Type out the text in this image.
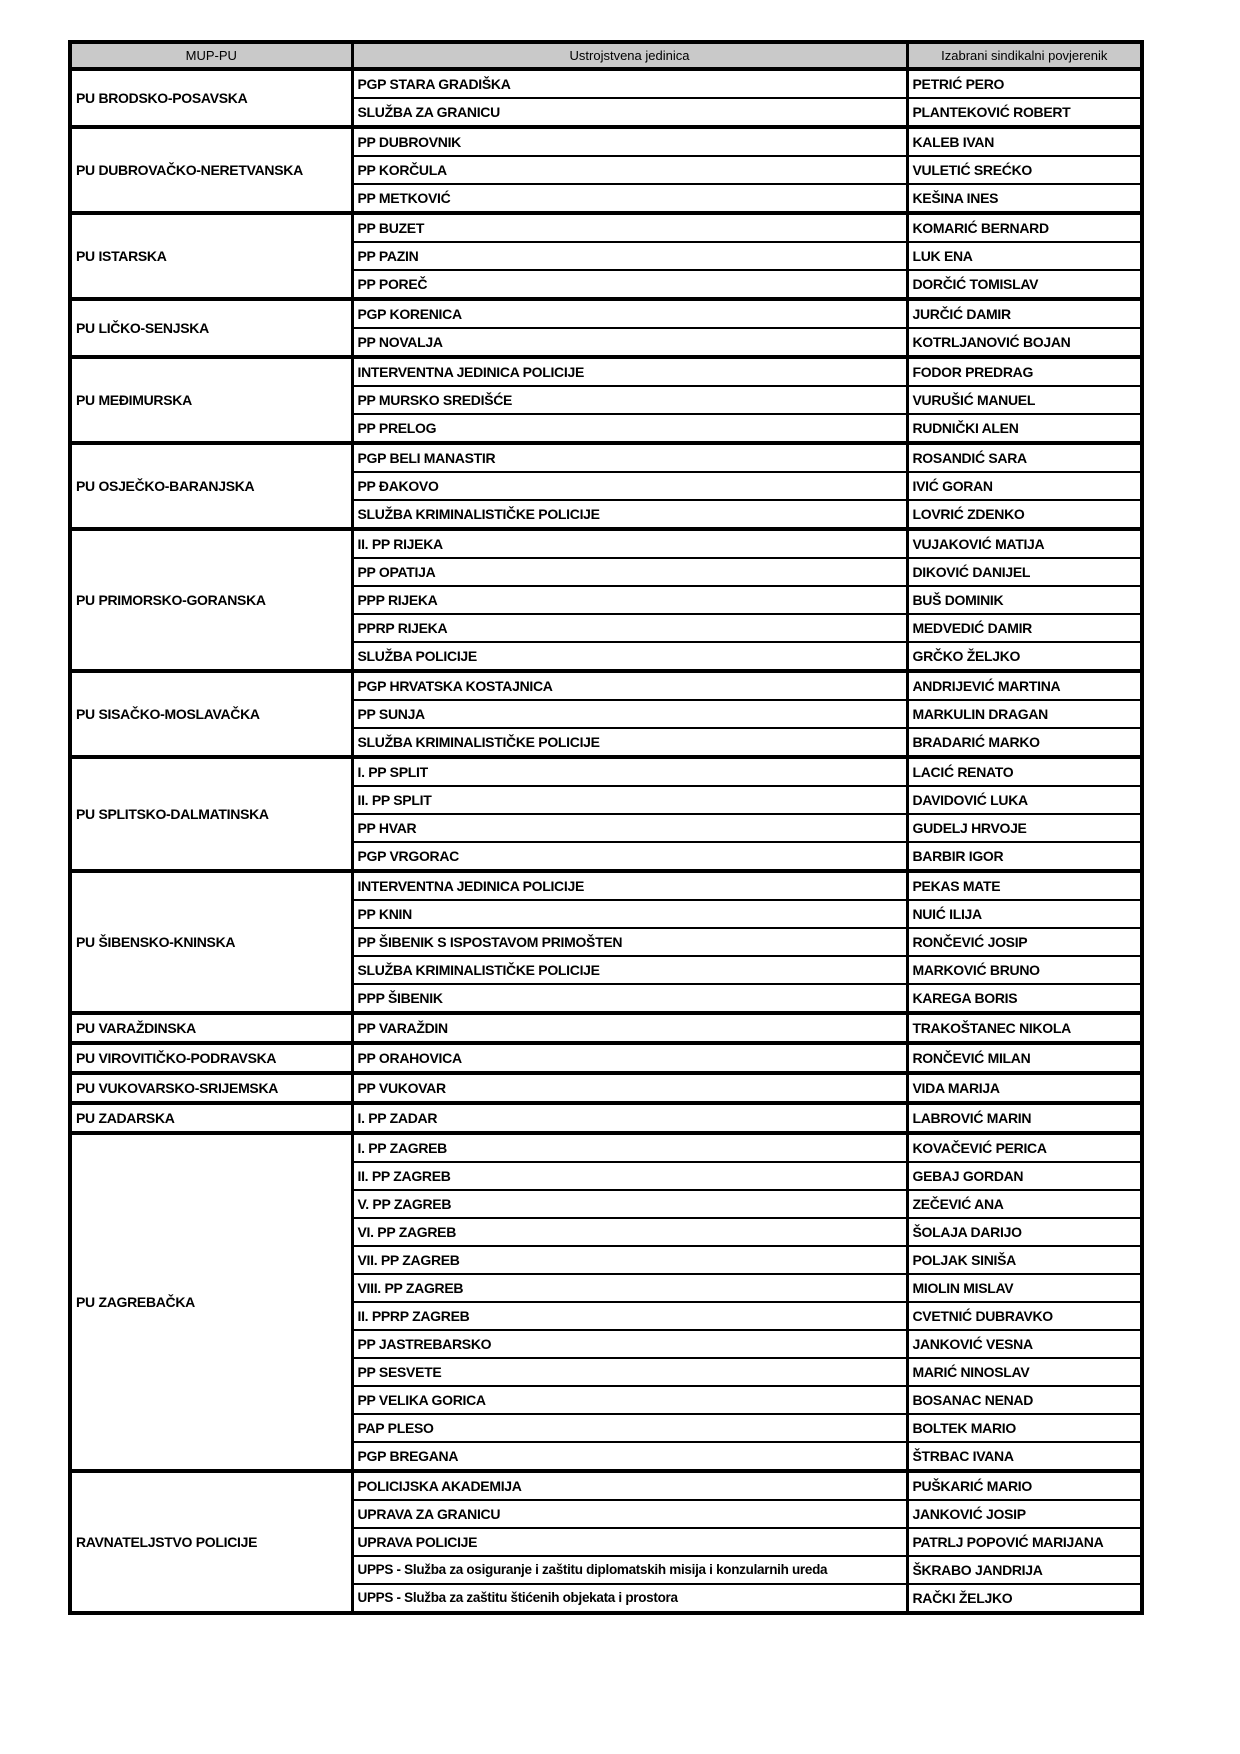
MUP-PU	Ustrojstvena jedinica	Izabrani sindikalni povjerenik
PU BRODSKO-POSAVSKA	PGP STARA GRADIŠKA	PETRIĆ PERO
	SLUŽBA ZA GRANICU	PLANTEKOVIĆ ROBERT
PU DUBROVAČKO-NERETVANSKA	PP DUBROVNIK	KALEB IVAN
	PP KORČULA	VULETIĆ SREĆKO
	PP METKOVIĆ	KEŠINA INES
PU ISTARSKA	PP BUZET	KOMARIĆ BERNARD
	PP PAZIN	LUK ENA
	PP POREČ	DORČIĆ TOMISLAV
PU LIČKO-SENJSKA	PGP KORENICA	JURČIĆ DAMIR
	PP NOVALJA	KOTRLJANOVIĆ BOJAN
PU MEĐIMURSKA	INTERVENTNA JEDINICA POLICIJE	FODOR PREDRAG
	PP MURSKO SREDIŠĆE	VURUŠIĆ MANUEL
	PP PRELOG	RUDNIČKI ALEN
PU OSJEČKO-BARANJSKA	PGP BELI MANASTIR	ROSANDIĆ SARA
	PP ĐAKOVO	IVIĆ GORAN
	SLUŽBA KRIMINALISTIČKE POLICIJE	LOVRIĆ ZDENKO
PU PRIMORSKO-GORANSKA	II. PP RIJEKA	VUJAKOVIĆ MATIJA
	PP OPATIJA	DIKOVIĆ DANIJEL
	PPP RIJEKA	BUŠ DOMINIK
	PPRP RIJEKA	MEDVEDIĆ DAMIR
	SLUŽBA POLICIJE	GRČKO ŽELJKO
PU SISAČKO-MOSLAVAČKA	PGP HRVATSKA KOSTAJNICA	ANDRIJEVIĆ MARTINA
	PP SUNJA	MARKULIN DRAGAN
	SLUŽBA KRIMINALISTIČKE POLICIJE	BRADARIĆ MARKO
PU SPLITSKO-DALMATINSKA	I. PP SPLIT	LACIĆ RENATO
	II. PP SPLIT	DAVIDOVIĆ LUKA
	PP HVAR	GUDELJ HRVOJE
	PGP VRGORAC	BARBIR IGOR
PU ŠIBENSKO-KNINSKA	INTERVENTNA JEDINICA POLICIJE	PEKAS MATE
	PP KNIN	NUIĆ ILIJA
	PP ŠIBENIK S ISPOSTAVOM PRIMOŠTEN	RONČEVIĆ JOSIP
	SLUŽBA KRIMINALISTIČKE POLICIJE	MARKOVIĆ BRUNO
	PPP ŠIBENIK	KAREGA BORIS
PU VARAŽDINSKA	PP VARAŽDIN	TRAKOŠTANEC NIKOLA
PU VIROVITIČKO-PODRAVSKA	PP ORAHOVICA	RONČEVIĆ MILAN
PU VUKOVARSKO-SRIJEMSKA	PP VUKOVAR	VIDA MARIJA
PU ZADARSKA	I. PP ZADAR	LABROVIĆ MARIN
PU ZAGREBAČKA	I. PP ZAGREB	KOVAČEVIĆ PERICA
	II. PP ZAGREB	GEBAJ GORDAN
	V. PP ZAGREB	ZEČEVIĆ ANA
	VI. PP ZAGREB	ŠOLAJA DARIJO
	VII. PP ZAGREB	POLJAK SINIŠA
	VIII. PP ZAGREB	MIOLIN MISLAV
	II. PPRP ZAGREB	CVETNIĆ DUBRAVKO
	PP JASTREBARSKO	JANKOVIĆ VESNA
	PP SESVETE	MARIĆ NINOSLAV
	PP VELIKA GORICA	BOSANAC NENAD
	PAP PLESO	BOLTEK MARIO
	PGP BREGANA	ŠTRBAC IVANA
RAVNATELJSTVO POLICIJE	POLICIJSKA AKADEMIJA	PUŠKARIĆ MARIO
	UPRAVA ZA GRANICU	JANKOVIĆ JOSIP
	UPRAVA POLICIJE	PATRLJ POPOVIĆ MARIJANA
	UPPS - Služba za osiguranje i zaštitu diplomatskih misija i konzularnih ureda	ŠKRABO JANDRIJA
	UPPS - Služba za zaštitu štićenih objekata i prostora	RAČKI ŽELJKO
